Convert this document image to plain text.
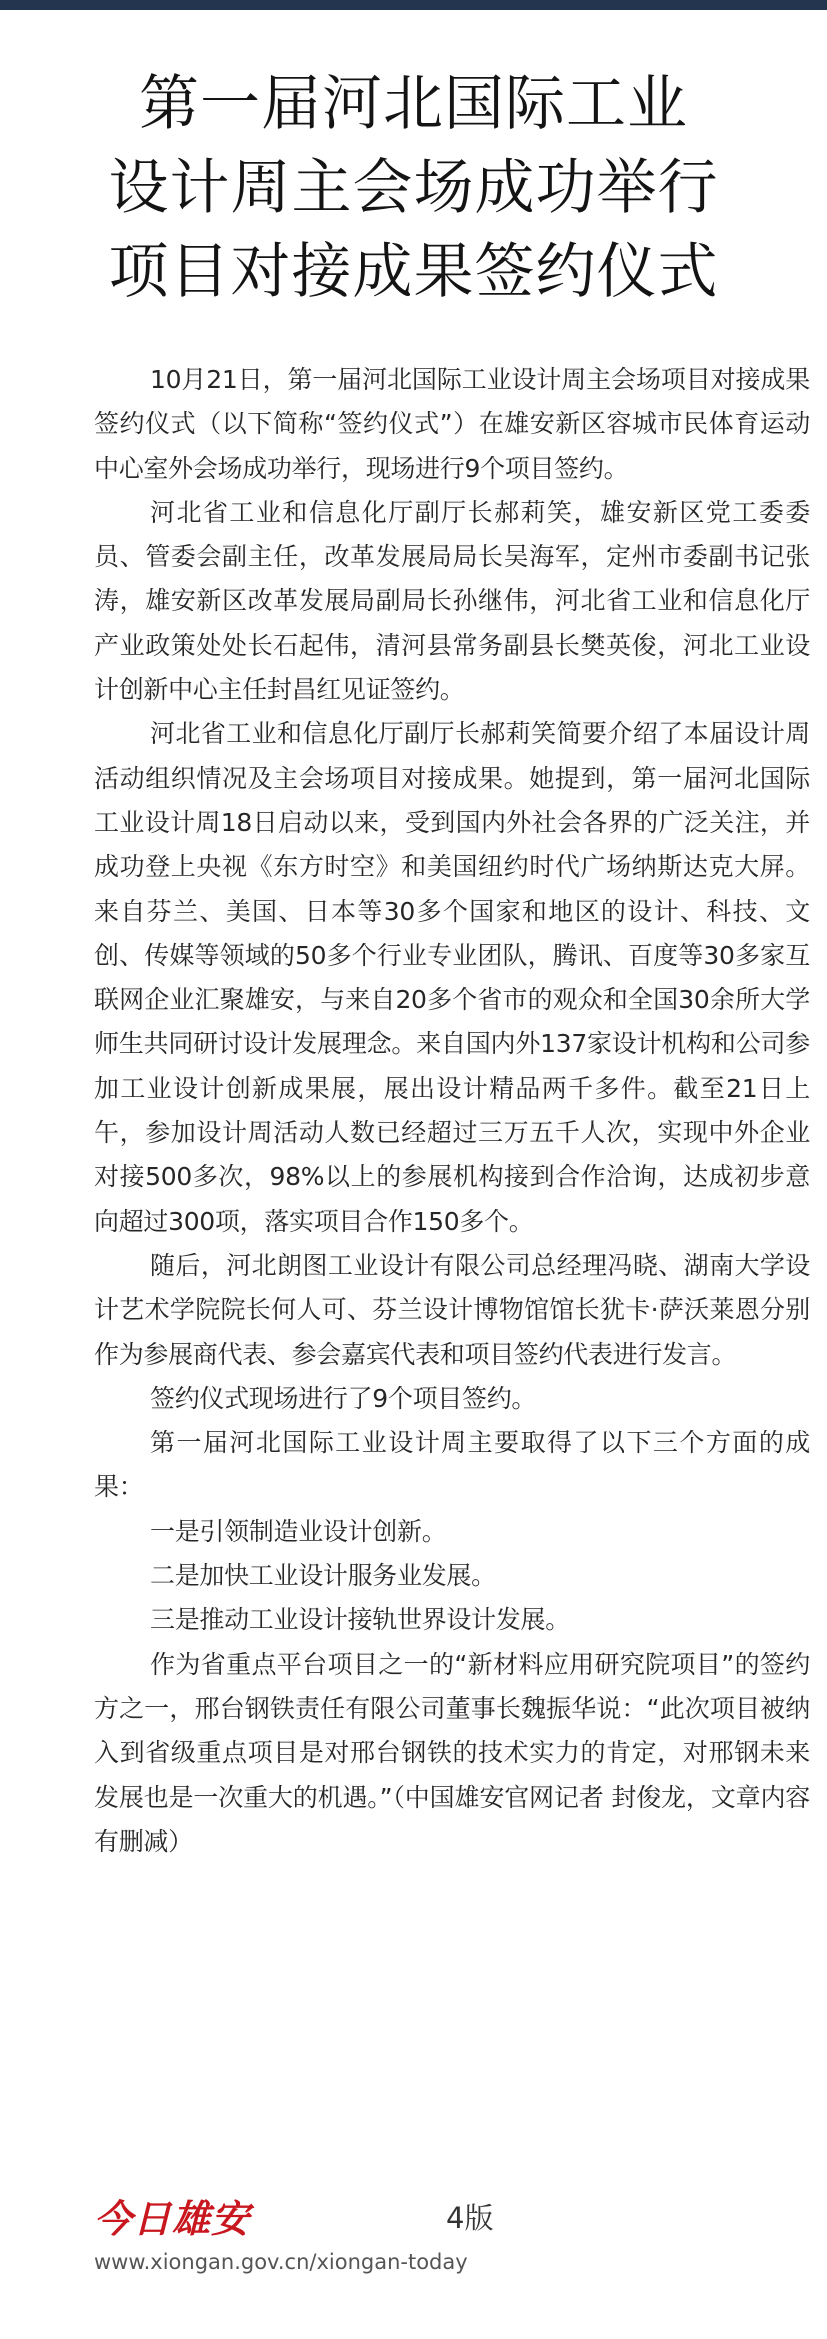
第一届河北国际工业
设计周主会场成功举行
项目对接成果签约仪式

10月21日，第一届河北国际工业设计周主会场项目对接成果签约仪式（以下简称“签约仪式”）在雄安新区容城市民体育运动中心室外会场成功举行，现场进行9个项目签约。

河北省工业和信息化厅副厅长郝莉笑，雄安新区党工委委员、管委会副主任，改革发展局局长吴海军，定州市委副书记张涛，雄安新区改革发展局副局长孙继伟，河北省工业和信息化厅产业政策处处长石起伟，清河县常务副县长樊英俊，河北工业设计创新中心主任封昌红见证签约。

河北省工业和信息化厅副厅长郝莉笑简要介绍了本届设计周活动组织情况及主会场项目对接成果。她提到，第一届河北国际工业设计周18日启动以来，受到国内外社会各界的广泛关注，并成功登上央视《东方时空》和美国纽约时代广场纳斯达克大屏。来自芬兰、美国、日本等30多个国家和地区的设计、科技、文创、传媒等领域的50多个行业专业团队，腾讯、百度等30多家互联网企业汇聚雄安，与来自20多个省市的观众和全国30余所大学师生共同研讨设计发展理念。来自国内外137家设计机构和公司参加工业设计创新成果展，展出设计精品两千多件。截至21日上午，参加设计周活动人数已经超过三万五千人次，实现中外企业对接500多次，98%以上的参展机构接到合作洽询，达成初步意向超过300项，落实项目合作150多个。

随后，河北朗图工业设计有限公司总经理冯晓、湖南大学设计艺术学院院长何人可、芬兰设计博物馆馆长犹卡·萨沃莱恩分别作为参展商代表、参会嘉宾代表和项目签约代表进行发言。

签约仪式现场进行了9个项目签约。

第一届河北国际工业设计周主要取得了以下三个方面的成果：

一是引领制造业设计创新。

二是加快工业设计服务业发展。

三是推动工业设计接轨世界设计发展。

作为省重点平台项目之一的“新材料应用研究院项目”的签约方之一，邢台钢铁责任有限公司董事长魏振华说：“此次项目被纳入到省级重点项目是对邢台钢铁的技术实力的肯定，对邢钢未来发展也是一次重大的机遇。”（中国雄安官网记者 封俊龙，文章内容有删减）

今日雄安	4版
www.xiongan.gov.cn/xiongan-today
